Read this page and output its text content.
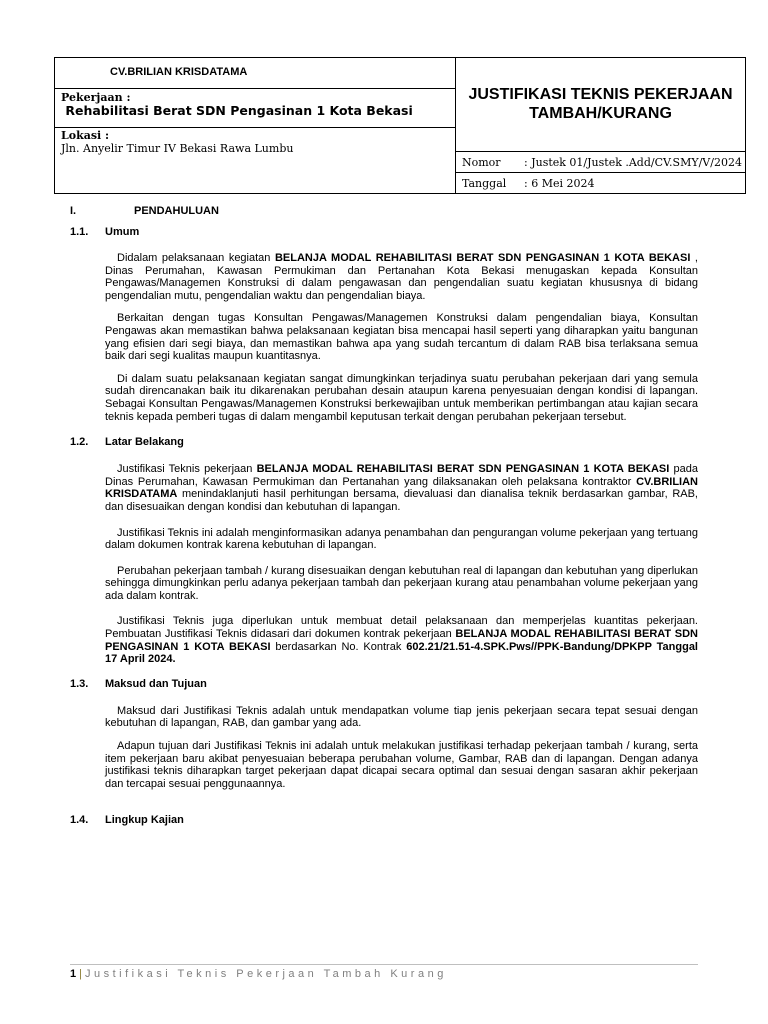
CV.BRILIAN KRISDATAMA	
JUSTIFIKASI TEKNIS PEKERJAAN
TAMBAH/KURANG

Pekerjaan :
Rehabilitasi Berat SDN Pengasinan 1 Kota Bekasi

Lokasi :
Jln. Anyelir Timur IV Bekasi Rawa Lumbu

Nomor : Justek 01/Justek .Add/CV.SMY/V/2024
Tanggal : 6 Mei 2024
I.	PENDAHULUAN
1.1. Umum

Didalam pelaksanaan kegiatan BELANJA MODAL REHABILITASI BERAT SDN PENGASINAN 1 KOTA BEKASI , Dinas Perumahan, Kawasan Permukiman dan Pertanahan Kota Bekasi menugaskan kepada Konsultan Pengawas/Managemen Konstruksi di dalam pengawasan dan pengendalian suatu kegiatan khususnya di bidang pengendalian mutu, pengendalian waktu dan pengendalian biaya.

Berkaitan dengan tugas Konsultan Pengawas/Managemen Konstruksi dalam pengendalian biaya, Konsultan Pengawas akan memastikan bahwa pelaksanaan kegiatan bisa mencapai hasil seperti yang diharapkan yaitu bangunan yang efisien dari segi biaya, dan memastikan bahwa apa yang sudah tercantum di dalam RAB bisa terlaksana semua baik dari segi kualitas maupun kuantitasnya.

Di dalam suatu pelaksanaan kegiatan sangat dimungkinkan terjadinya suatu perubahan pekerjaan dari yang semula sudah direncanakan baik itu dikarenakan perubahan desain ataupun karena penyesuaian dengan kondisi di lapangan. Sebagai Konsultan Pengawas/Managemen Konstruksi berkewajiban untuk memberikan pertimbangan atau kajian secara teknis kepada pemberi tugas di dalam mengambil keputusan terkait dengan perubahan pekerjaan tersebut.

1.2. Latar Belakang

Justifikasi Teknis pekerjaan BELANJA MODAL REHABILITASI BERAT SDN PENGASINAN 1 KOTA BEKASI pada Dinas Perumahan, Kawasan Permukiman dan Pertanahan yang dilaksanakan oleh pelaksana kontraktor CV.BRILIAN KRISDATAMA menindaklanjuti hasil perhitungan bersama, dievaluasi dan dianalisa teknik berdasarkan gambar, RAB, dan disesuaikan dengan kondisi dan kebutuhan di lapangan.

Justifikasi Teknis ini adalah menginformasikan adanya penambahan dan pengurangan volume pekerjaan yang tertuang dalam dokumen kontrak karena kebutuhan di lapangan.

Perubahan pekerjaan tambah / kurang disesuaikan dengan kebutuhan real di lapangan dan kebutuhan yang diperlukan sehingga dimungkinkan perlu adanya pekerjaan tambah dan pekerjaan kurang atau penambahan volume pekerjaan yang ada dalam kontrak.

Justifikasi Teknis juga diperlukan untuk membuat detail pelaksanaan dan memperjelas kuantitas pekerjaan. Pembuatan Justifikasi Teknis didasari dari dokumen kontrak pekerjaan BELANJA MODAL REHABILITASI BERAT SDN PENGASINAN 1 KOTA BEKASI berdasarkan No. Kontrak 602.21/21.51-4.SPK.Pws//PPK-Bandung/DPKPP Tanggal 17 April 2024.

1.3. Maksud dan Tujuan

Maksud dari Justifikasi Teknis adalah untuk mendapatkan volume tiap jenis pekerjaan secara tepat sesuai dengan kebutuhan di lapangan, RAB, dan gambar yang ada.

Adapun tujuan dari Justifikasi Teknis ini adalah untuk melakukan justifikasi terhadap pekerjaan tambah / kurang, serta item pekerjaan baru akibat penyesuaian beberapa perubahan volume, Gambar, RAB dan di lapangan. Dengan adanya justifikasi teknis diharapkan target pekerjaan dapat dicapai secara optimal dan sesuai dengan sasaran akhir pekerjaan dan tercapai sesuai penggunaannya.

1.4. Lingkup Kajian
1 | Justifikasi Teknis Pekerjaan Tambah Kurang
